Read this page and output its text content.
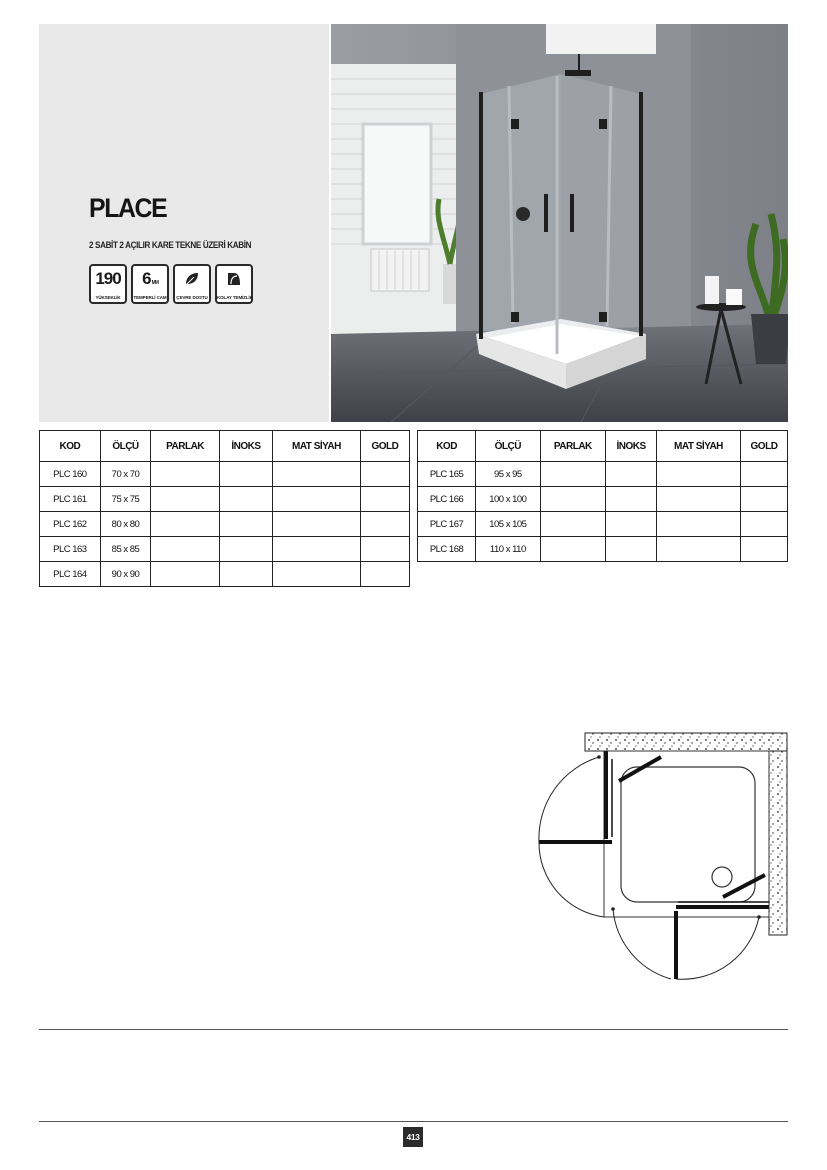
PLACE
2 SABİT 2 AÇILIR KARE TEKNE ÜZERİ KABİN
190
YÜKSEKLİK
6MM
TEMPERLİ CAM ÇEVRE DOSTU KOLAY TEMİZLİK
KOD	ÖLÇÜ	PARLAK	İNOKS	MAT SİYAH	GOLD
PLC 160	70 x 70				
PLC 161	75 x 75				
PLC 162	80 x 80				
PLC 163	85 x 85				
PLC 164	90 x 90				
KOD	ÖLÇÜ	PARLAK	İNOKS	MAT SİYAH	GOLD
PLC 165	95 x 95				
PLC 166	100 x 100				
PLC 167	105 x 105				
PLC 168	110 x 110				
413
